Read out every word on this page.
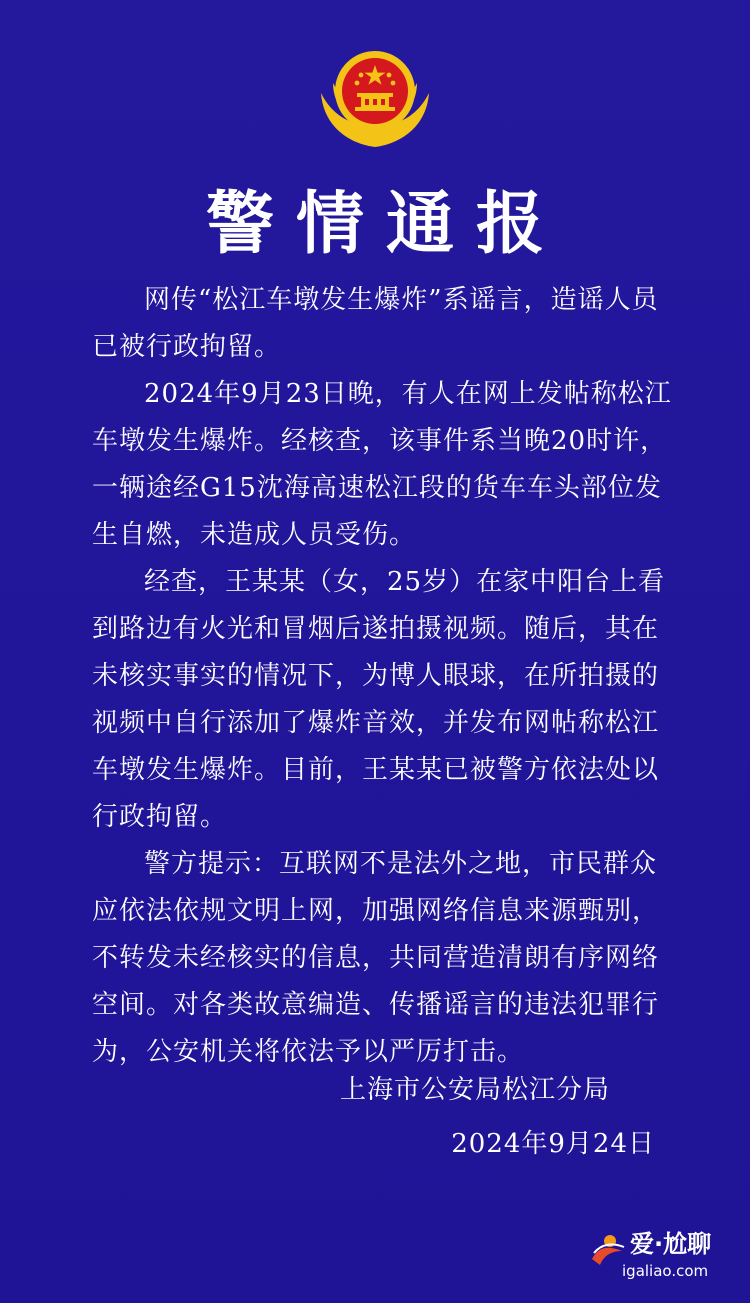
警情通报

网传“松江车墩发生爆炸”系谣言，造谣人员已被行政拘留。

2024年9月23日晚，有人在网上发帖称松江车墩发生爆炸。经核查，该事件系当晚20时许，一辆途经G15沈海高速松江段的货车车头部位发生自燃，未造成人员受伤。

经查，王某某（女，25岁）在家中阳台上看到路边有火光和冒烟后遂拍摄视频。随后，其在未核实事实的情况下，为博人眼球，在所拍摄的视频中自行添加了爆炸音效，并发布网帖称松江车墩发生爆炸。目前，王某某已被警方依法处以行政拘留。

警方提示：互联网不是法外之地，市民群众应依法依规文明上网，加强网络信息来源甄别，不转发未经核实的信息，共同营造清朗有序网络空间。对各类故意编造、传播谣言的违法犯罪行为，公安机关将依法予以严厉打击。

上海市公安局松江分局
2024年9月24日
爱·尬聊
igaliao.com
